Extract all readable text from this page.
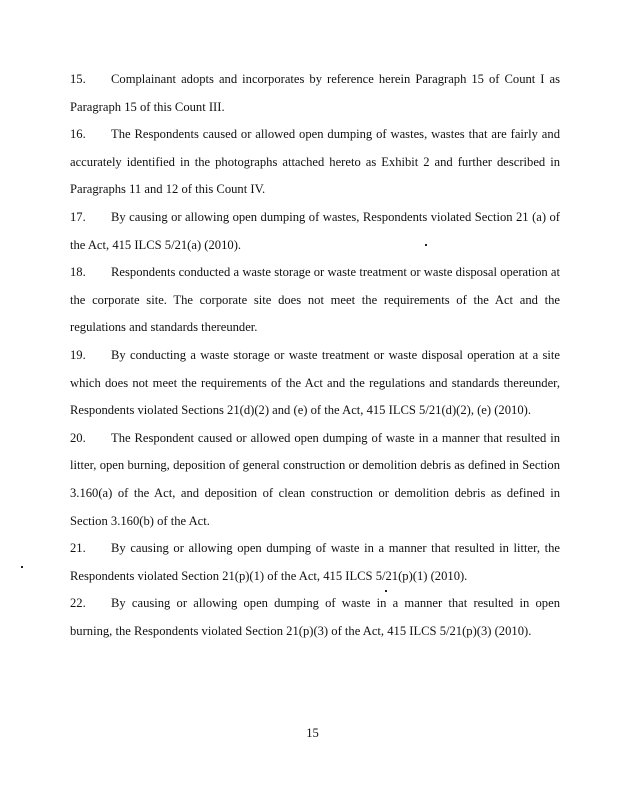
15. Complainant adopts and incorporates by reference herein Paragraph 15 of Count I as Paragraph 15 of this Count III.

16. The Respondents caused or allowed open dumping of wastes, wastes that are fairly and accurately identified in the photographs attached hereto as Exhibit 2 and further described in Paragraphs 11 and 12 of this Count IV.

17. By causing or allowing open dumping of wastes, Respondents violated Section 21 (a) of the Act, 415 ILCS 5/21(a) (2010).

18. Respondents conducted a waste storage or waste treatment or waste disposal operation at the corporate site. The corporate site does not meet the requirements of the Act and the regulations and standards thereunder.

19. By conducting a waste storage or waste treatment or waste disposal operation at a site which does not meet the requirements of the Act and the regulations and standards thereunder, Respondents violated Sections 21(d)(2) and (e) of the Act, 415 ILCS 5/21(d)(2), (e) (2010).

20. The Respondent caused or allowed open dumping of waste in a manner that resulted in litter, open burning, deposition of general construction or demolition debris as defined in Section 3.160(a) of the Act, and deposition of clean construction or demolition debris as defined in Section 3.160(b) of the Act.

21. By causing or allowing open dumping of waste in a manner that resulted in litter, the Respondents violated Section 21(p)(1) of the Act, 415 ILCS 5/21(p)(1) (2010).

22. By causing or allowing open dumping of waste in a manner that resulted in open burning, the Respondents violated Section 21(p)(3) of the Act, 415 ILCS 5/21(p)(3) (2010).

15
